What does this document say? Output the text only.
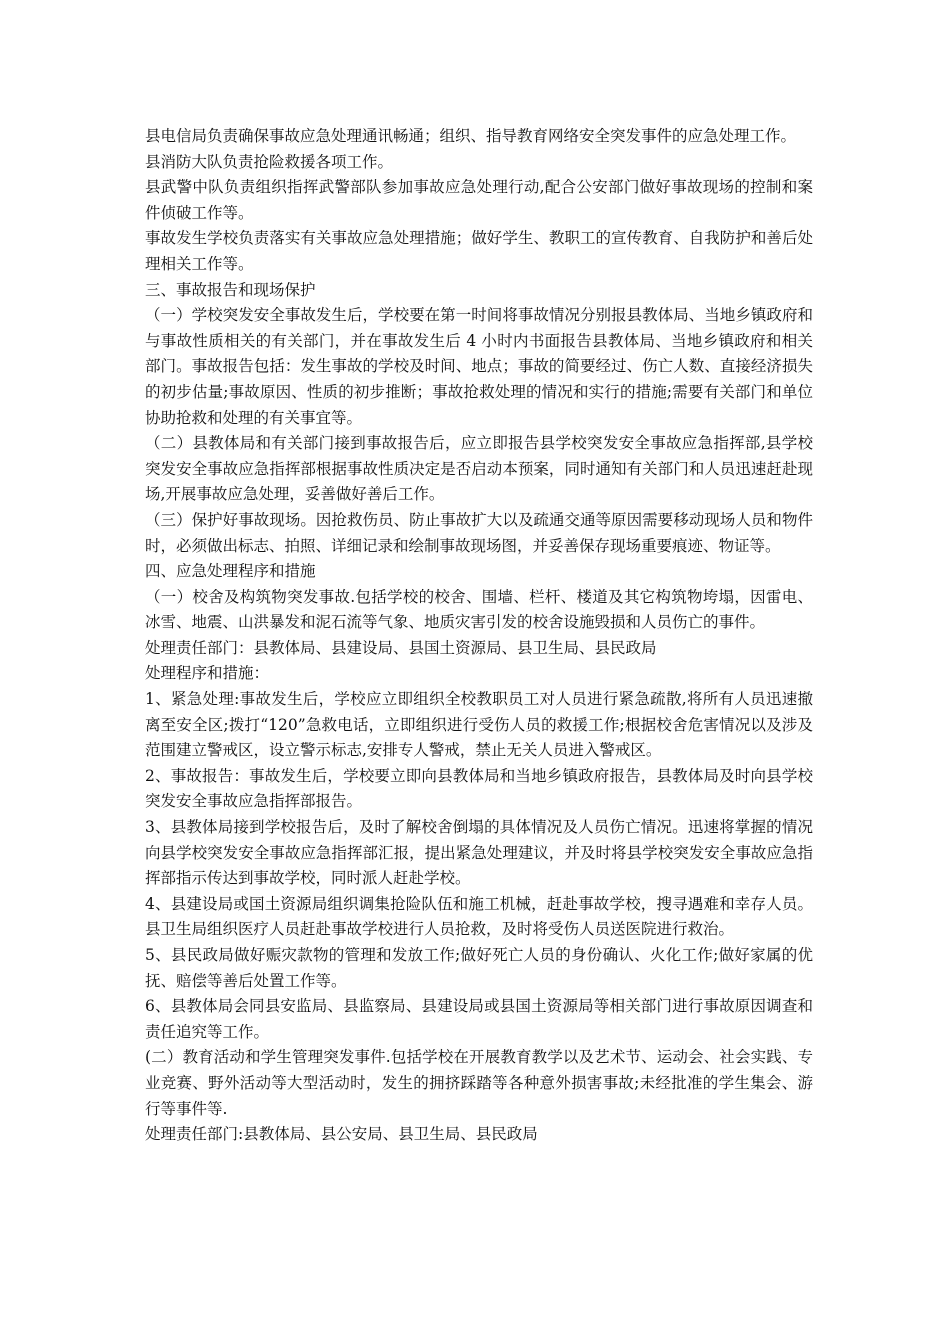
县电信局负责确保事故应急处理通讯畅通；组织、指导教育网络安全突发事件的应急处理工作。

县消防大队负责抢险救援各项工作。

县武警中队负责组织指挥武警部队参加事故应急处理行动,配合公安部门做好事故现场的控制和案件侦破工作等。

事故发生学校负责落实有关事故应急处理措施；做好学生、教职工的宣传教育、自我防护和善后处理相关工作等。

三、事故报告和现场保护

（一）学校突发安全事故发生后，学校要在第一时间将事故情况分别报县教体局、当地乡镇政府和与事故性质相关的有关部门，并在事故发生后 4 小时内书面报告县教体局、当地乡镇政府和相关部门。事故报告包括：发生事故的学校及时间、地点；事故的简要经过、伤亡人数、直接经济损失的初步估量;事故原因、性质的初步推断；事故抢救处理的情况和实行的措施;需要有关部门和单位协助抢救和处理的有关事宜等。

（二）县教体局和有关部门接到事故报告后，应立即报告县学校突发安全事故应急指挥部,县学校突发安全事故应急指挥部根据事故性质决定是否启动本预案，同时通知有关部门和人员迅速赶赴现场,开展事故应急处理，妥善做好善后工作。

（三）保护好事故现场。因抢救伤员、防止事故扩大以及疏通交通等原因需要移动现场人员和物件时，必须做出标志、拍照、详细记录和绘制事故现场图，并妥善保存现场重要痕迹、物证等。

四、应急处理程序和措施

（一）校舍及构筑物突发事故.包括学校的校舍、围墙、栏杆、楼道及其它构筑物垮塌，因雷电、冰雪、地震、山洪暴发和泥石流等气象、地质灾害引发的校舍设施毁损和人员伤亡的事件。

处理责任部门：县教体局、县建设局、县国土资源局、县卫生局、县民政局

处理程序和措施：

1、紧急处理:事故发生后，学校应立即组织全校教职员工对人员进行紧急疏散,将所有人员迅速撤离至安全区;拨打“120”急救电话，立即组织进行受伤人员的救援工作;根据校舍危害情况以及涉及范围建立警戒区，设立警示标志,安排专人警戒，禁止无关人员进入警戒区。

2、事故报告：事故发生后，学校要立即向县教体局和当地乡镇政府报告，县教体局及时向县学校突发安全事故应急指挥部报告。

3、县教体局接到学校报告后，及时了解校舍倒塌的具体情况及人员伤亡情况。迅速将掌握的情况向县学校突发安全事故应急指挥部汇报，提出紧急处理建议，并及时将县学校突发安全事故应急指挥部指示传达到事故学校，同时派人赶赴学校。

4、县建设局或国土资源局组织调集抢险队伍和施工机械，赶赴事故学校，搜寻遇难和幸存人员。县卫生局组织医疗人员赶赴事故学校进行人员抢救，及时将受伤人员送医院进行救治。

5、县民政局做好赈灾款物的管理和发放工作;做好死亡人员的身份确认、火化工作;做好家属的优抚、赔偿等善后处置工作等。

6、县教体局会同县安监局、县监察局、县建设局或县国土资源局等相关部门进行事故原因调查和责任追究等工作。

(二）教育活动和学生管理突发事件.包括学校在开展教育教学以及艺术节、运动会、社会实践、专业竞赛、野外活动等大型活动时，发生的拥挤踩踏等各种意外损害事故;未经批准的学生集会、游行等事件等.

处理责任部门:县教体局、县公安局、县卫生局、县民政局
